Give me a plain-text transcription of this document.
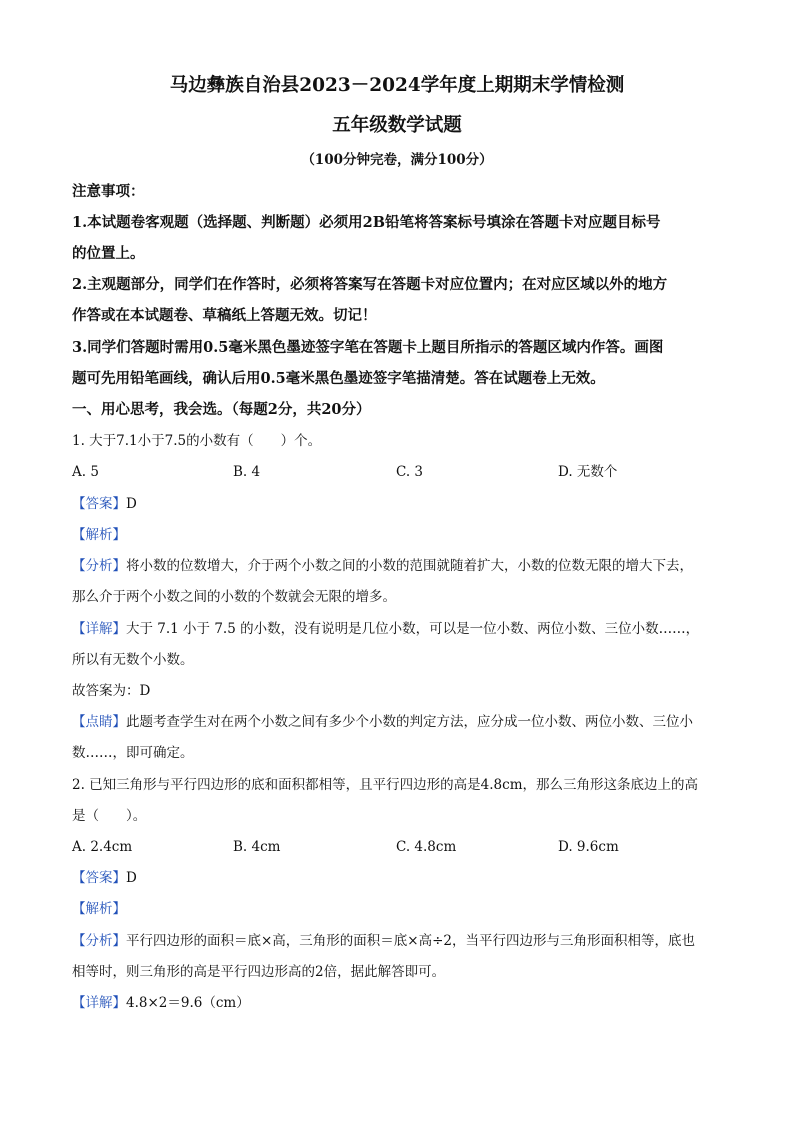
马边彝族自治县2023－2024学年度上期期末学情检测
五年级数学试题
（100分钟完卷，满分100分）
注意事项：
1.本试题卷客观题（选择题、判断题）必须用2B铅笔将答案标号填涂在答题卡对应题目标号
的位置上。
2.主观题部分，同学们在作答时，必须将答案写在答题卡对应位置内；在对应区域以外的地方
作答或在本试题卷、草稿纸上答题无效。切记！
3.同学们答题时需用0.5毫米黑色墨迹签字笔在答题卡上题目所指示的答题区域内作答。画图
题可先用铅笔画线，确认后用0.5毫米黑色墨迹签字笔描清楚。答在试题卷上无效。
一、用心思考，我会选。（每题2分，共20分）
1. 大于7.1小于7.5的小数有（　　）个。
A. 5	B. 4	C. 3	D. 无数个
【答案】D
【解析】
【分析】将小数的位数增大，介于两个小数之间的小数的范围就随着扩大，小数的位数无限的增大下去，
那么介于两个小数之间的小数的个数就会无限的增多。
【详解】大于 7.1 小于 7.5 的小数，没有说明是几位小数，可以是一位小数、两位小数、三位小数……，
所以有无数个小数。
故答案为：D
【点睛】此题考查学生对在两个小数之间有多少个小数的判定方法，应分成一位小数、两位小数、三位小
数……，即可确定。
2. 已知三角形与平行四边形的底和面积都相等，且平行四边形的高是4.8cm，那么三角形这条底边上的高
是（　　）。
A. 2.4cm	B. 4cm	C. 4.8cm	D. 9.6cm
【答案】D
【解析】
【分析】平行四边形的面积＝底×高，三角形的面积＝底×高÷2，当平行四边形与三角形面积相等，底也
相等时，则三角形的高是平行四边形高的2倍，据此解答即可。
【详解】4.8×2＝9.6（cm）
